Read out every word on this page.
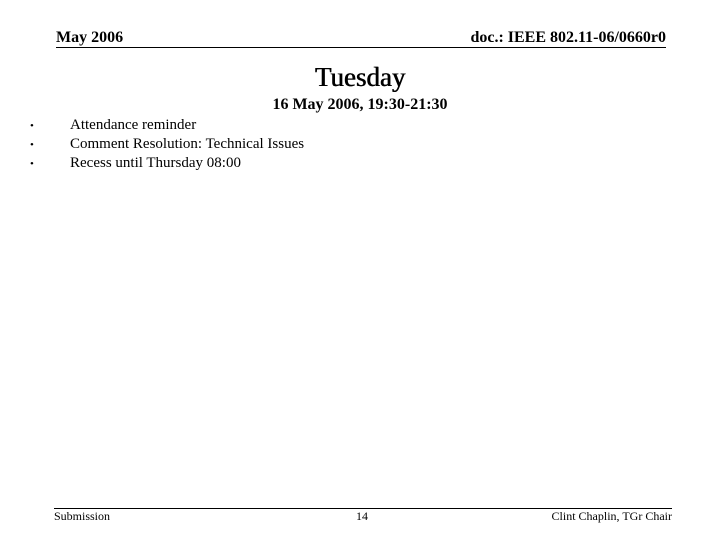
May 2006	doc.: IEEE 802.11-06/0660r0
Tuesday
16 May 2006, 19:30-21:30
•	Attendance reminder
•	Comment Resolution: Technical Issues
•	Recess until Thursday 08:00
Submission	14	Clint Chaplin, TGr Chair
